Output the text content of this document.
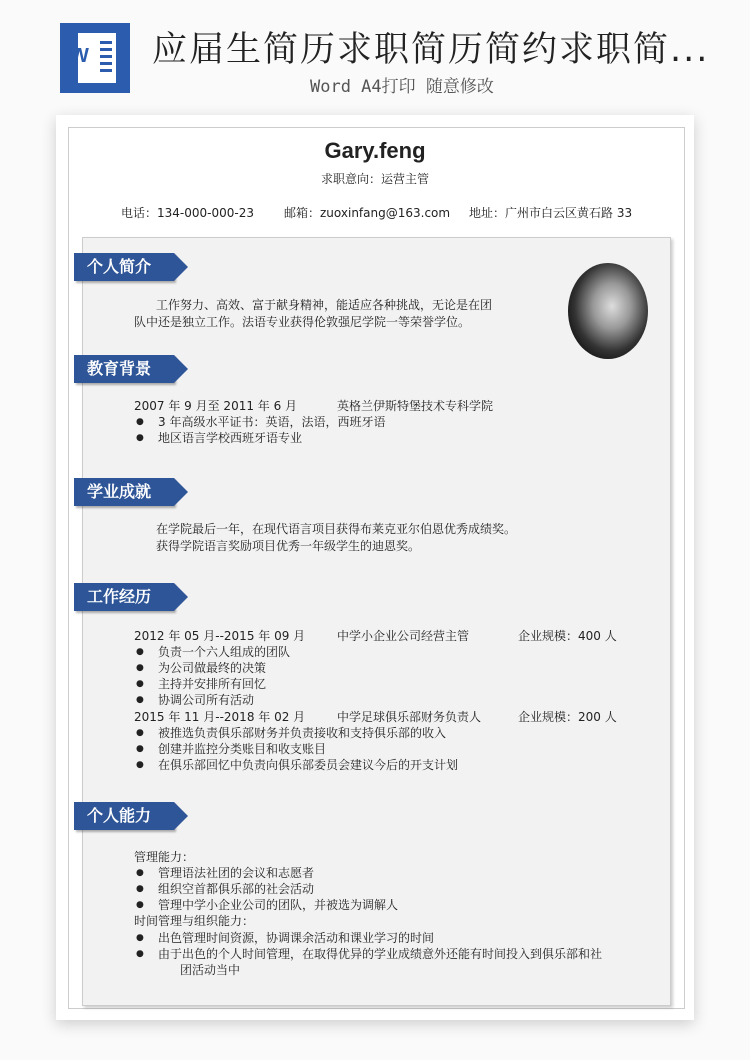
W 应届生简历求职简历简约求职简...
Word A4打印 随意修改
Gary.feng
求职意向：运营主管
电话：134-000-000-23	邮箱：zuoxinfang@163.com 地址：广州市白云区黄石路 33
个人简介
工作努力、高效、富于献身精神，能适应各种挑战，无论是在团
队中还是独立工作。法语专业获得伦敦强尼学院一等荣誉学位。
教育背景
2007 年 9 月至 2011 年 6 月	英格兰伊斯特堡技术专科学院
● 3 年高级水平证书：英语，法语，西班牙语
● 地区语言学校西班牙语专业
学业成就
在学院最后一年，在现代语言项目获得布莱克亚尔伯恩优秀成绩奖。
获得学院语言奖励项目优秀一年级学生的迪恩奖。
工作经历
2012 年 05 月--2015 年 09 月	中学小企业公司经营主管	企业规模：400 人
● 负责一个六人组成的团队
● 为公司做最终的决策
● 主持并安排所有回忆
● 协调公司所有活动
2015 年 11 月--2018 年 02 月	中学足球俱乐部财务负责人	企业规模：200 人
● 被推选负责俱乐部财务并负责接收和支持俱乐部的收入
● 创建并监控分类账目和收支账目
● 在俱乐部回忆中负责向俱乐部委员会建议今后的开支计划
个人能力
管理能力：
● 管理语法社团的会议和志愿者
● 组织空首都俱乐部的社会活动
● 管理中学小企业公司的团队，并被选为调解人
时间管理与组织能力：
● 出色管理时间资源，协调课余活动和课业学习的时间
● 由于出色的个人时间管理，在取得优异的学业成绩意外还能有时间投入到俱乐部和社
团活动当中
